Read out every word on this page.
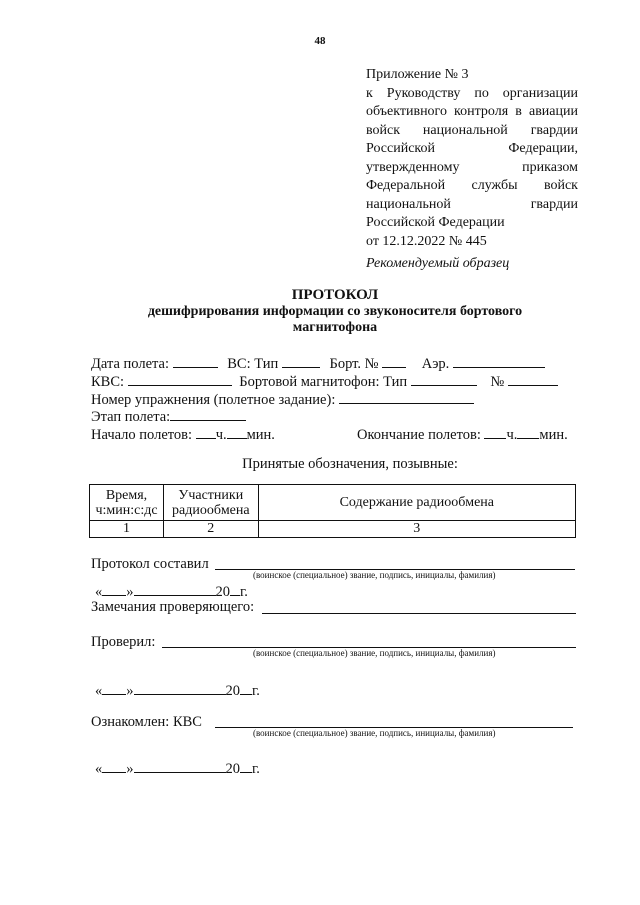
48
Приложение № 3
к Руководству по организации
объективного контроля в авиации
войск национальной гвардии
Российской	Федерации,
утвержденному	приказом
Федеральной службы войск
национальной	гвардии
Российской Федерации
от 12.12.2022 № 445
Рекомендуемый образец
ПРОТОКОЛ
дешифрирования информации со звуконосителя бортового магнитофона
Дата полета:	ВС: Тип	Борт. №	Аэр.
КВС:	Бортовой магнитофон: Тип	№
Номер упражнения (полетное задание):
Этап полета:
Начало полетов: ч. мин.	Окончание полетов: ч. мин.
Принятые обозначения, позывные:
Время, ч:мин:с:дс	Участники радиообмена	Содержание радиообмена
1	2	3
Протокол составил
(воинское (специальное) звание, подпись, инициалы, фамилия)
« »	20 г.
Замечания проверяющего:
Проверил:
(воинское (специальное) звание, подпись, инициалы, фамилия)
« »	20 г.
Ознакомлен: КВС
(воинское (специальное) звание, подпись, инициалы, фамилия)
« »	20 г.
